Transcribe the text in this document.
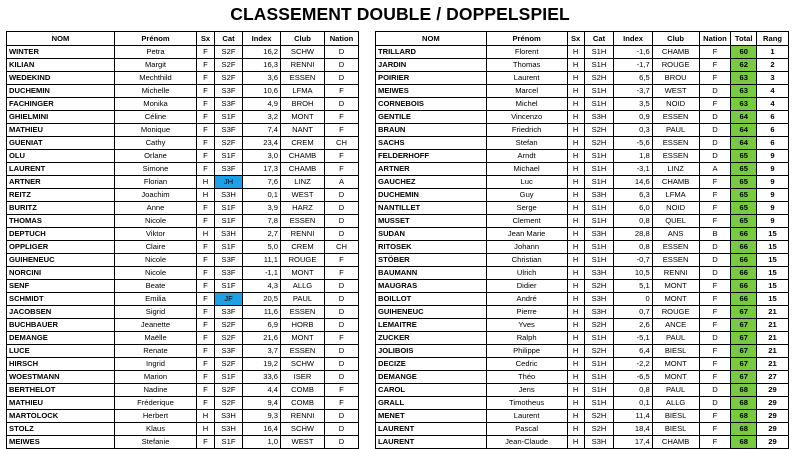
CLASSEMENT DOUBLE / DOPPELSPIEL
NOM	Prénom	Sx	Cat	Index	Club	Nation
WINTER	Petra	F	S2F	16,2	SCHW	D
KILIAN	Margit	F	S2F	16,3	RENNI	D
WEDEKIND	Mechthild	F	S2F	3,6	ESSEN	D
DUCHEMIN	Michelle	F	S3F	10,6	LFMA	F
FACHINGER	Monika	F	S3F	4,9	BROH	D
GHIELMINI	Céline	F	S1F	3,2	MONT	F
MATHIEU	Monique	F	S3F	7,4	NANT	F
GUENIAT	Cathy	F	S2F	23,4	CREM	CH
OLU	Orlane	F	S1F	3,0	CHAMB	F
LAURENT	Simone	F	S3F	17,3	CHAMB	F
ARTNER	Florian	H	JH	7,6	LINZ	A
REITZ	Joachim	H	S3H	0,1	WEST	D
BURITZ	Anne	F	S1F	3,9	HARZ	D
THOMAS	Nicole	F	S1F	7,8	ESSEN	D
DEPTUCH	Viktor	H	S3H	2,7	RENNI	D
OPPLIGER	Claire	F	S1F	5,0	CREM	CH
GUIHENEUC	Nicole	F	S3F	11,1	ROUGE	F
NORCINI	Nicole	F	S3F	-1,1	MONT	F
SENF	Beate	F	S1F	4,3	ALLG	D
SCHMIDT	Emilia	F	JF	20,5	PAUL	D
JACOBSEN	Sigrid	F	S3F	11,6	ESSEN	D
BUCHBAUER	Jeanette	F	S2F	6,9	HORB	D
DEMANGE	Maëlle	F	S2F	21,6	MONT	F
LUCE	Renate	F	S3F	3,7	ESSEN	D
HIRSCH	Ingrid	F	S2F	19,2	SCHW	D
WOESTMANN	Marion	F	S1F	33,6	ISER	D
BERTHELOT	Nadine	F	S2F	4,4	COMB	F
MATHIEU	Fréderique	F	S2F	9,4	COMB	F
MARTOLOCK	Herbert	H	S3H	9,3	RENNI	D
STOLZ	Klaus	H	S3H	16,4	SCHW	D
MEIWES	Stefanie	F	S1F	1,0	WEST	D
NOM	Prénom	Sx	Cat	Index	Club	Nation	Total	Rang
TRILLARD	Florent	H	S1H	-1,6	CHAMB	F	60	1
JARDIN	Thomas	H	S1H	-1,7	ROUGE	F	62	2
POIRIER	Laurent	H	S2H	6,5	BROU	F	63	3
MEIWES	Marcel	H	S1H	-3,7	WEST	D	63	4
CORNEBOIS	Michel	H	S1H	3,5	NOID	F	63	4
GENTILE	Vincenzo	H	S3H	0,9	ESSEN	D	64	6
BRAUN	Friedrich	H	S2H	0,3	PAUL	D	64	6
SACHS	Stefan	H	S2H	-5,6	ESSEN	D	64	6
FELDERHOFF	Arndt	H	S1H	1,8	ESSEN	D	65	9
ARTNER	Michael	H	S1H	-3,1	LINZ	A	65	9
GAUCHEZ	Luc	H	S1H	14,6	CHAMB	F	65	9
DUCHEMIN	Guy	H	S3H	6,3	LFMA	F	65	9
NANTILLET	Serge	H	S1H	6,0	NOID	F	65	9
MUSSET	Clement	H	S1H	0,8	QUEL	F	65	9
SUDAN	Jean Marie	H	S3H	28,8	ANS	B	66	15
RITOSEK	Johann	H	S1H	0,8	ESSEN	D	66	15
STÖBER	Christian	H	S1H	-0,7	ESSEN	D	66	15
BAUMANN	Ulrich	H	S3H	10,5	RENNI	D	66	15
MAUGRAS	Didier	H	S2H	5,1	MONT	F	66	15
BOILLOT	André	H	S3H	0	MONT	F	66	15
GUIHENEUC	Pierre	H	S3H	0,7	ROUGE	F	67	21
LEMAITRE	Yves	H	S2H	2,6	ANCE	F	67	21
ZUCKER	Ralph	H	S1H	-5,1	PAUL	D	67	21
JOLIBOIS	Philippe	H	S2H	6,4	BIESL	F	67	21
DECIZE	Cedric	H	S1H	-2,2	MONT	F	67	21
DEMANGE	Théo	H	S1H	-6,5	MONT	F	67	27
CAROL	Jens	H	S1H	0,8	PAUL	D	68	29
GRALL	Timotheus	H	S1H	0,1	ALLG	D	68	29
MENET	Laurent	H	S2H	11,4	BIESL	F	68	29
LAURENT	Pascal	H	S2H	18,4	BIESL	F	68	29
LAURENT	Jean-Claude	H	S3H	17,4	CHAMB	F	68	29
